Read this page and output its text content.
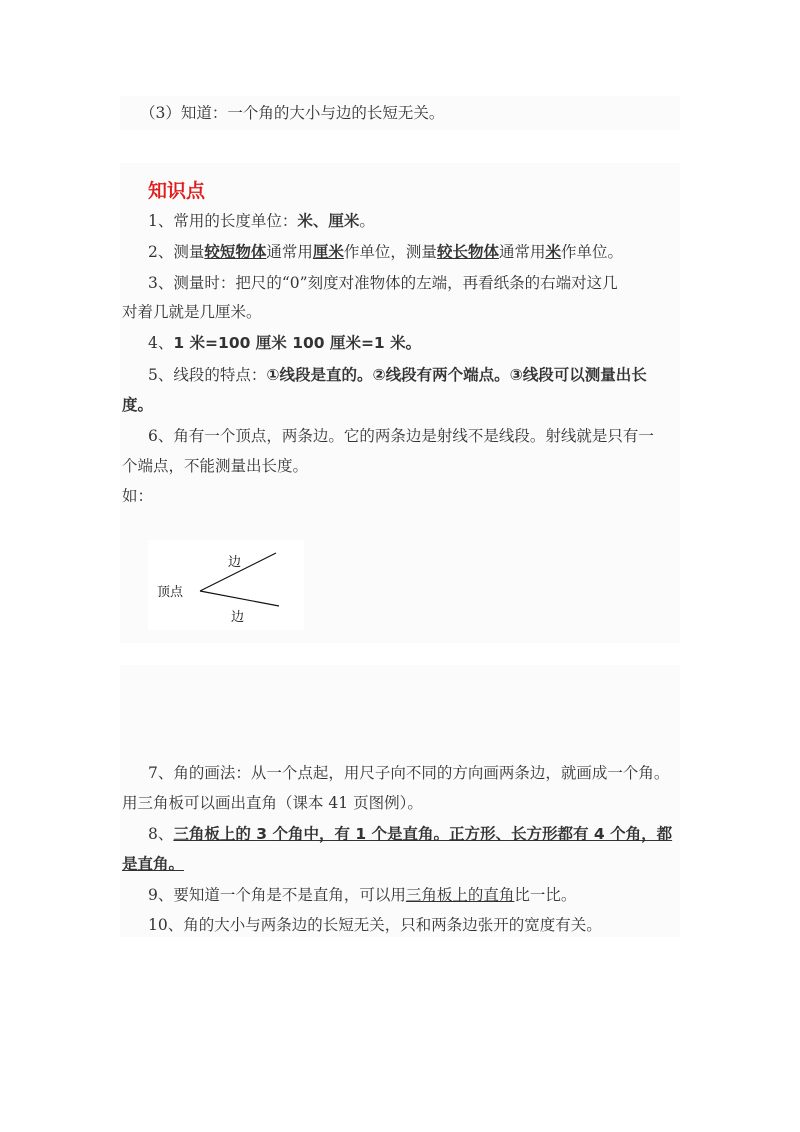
（3）知道：一个角的大小与边的长短无关。
知识点
1、常用的长度单位：米、厘米。
2、测量较短物体通常用厘米作单位，测量较长物体通常用米作单位。
3、测量时：把尺的“0”刻度对准物体的左端，再看纸条的右端对这几
对着几就是几厘米。
4、1 米=100 厘米 100 厘米=1 米。
5、线段的特点：①线段是直的。②线段有两个端点。③线段可以测量出长
度。
6、角有一个顶点，两条边。它的两条边是射线不是线段。射线就是只有一
个端点，不能测量出长度。
如：
顶点
边
边
7、角的画法：从一个点起，用尺子向不同的方向画两条边，就画成一个角。
用三角板可以画出直角（课本 41 页图例）。
8、三角板上的 3 个角中，有 1 个是直角。正方形、长方形都有 4 个角，都
是直角。
9、要知道一个角是不是直角，可以用三角板上的直角比一比。
10、角的大小与两条边的长短无关，只和两条边张开的宽度有关。
